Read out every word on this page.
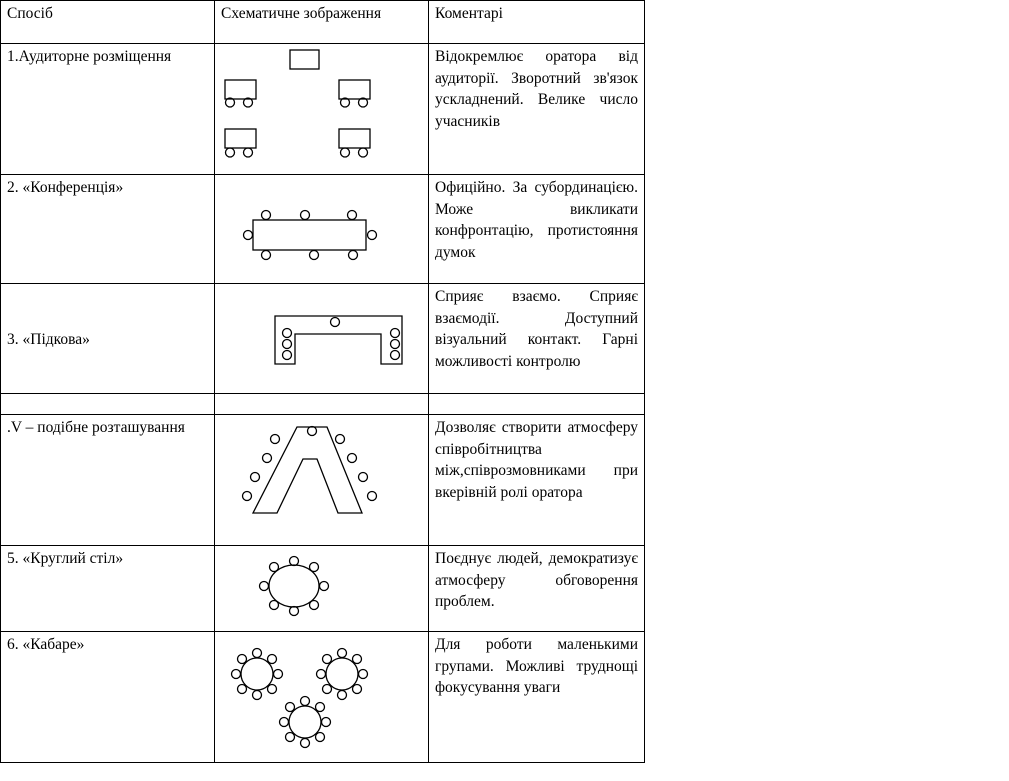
Спосіб	Схематичне зображення	Коментарі
1.Аудиторне розміщення		Відокремлює оратора від аудиторії. Зворотний зв'язок ускладнений. Велике число учасників
2. «Конференція»		Офиційно. За субординацією. Може викликати конфронтацію, протистояння думок
3. «Підкова»		Сприяє взаємо. Сприяє взаємодії. Доступний візуальний контакт. Гарні можливості контролю

.V – подібне розташування		Дозволяє створити атмосферу співробітництва між,співрозмовниками при вкерівній ролі оратора
5. «Круглий стіл»		Поєднує людей, демократизує атмосферу обговорення проблем.
6. «Кабаре»		Для роботи маленькими групами. Можливі труднощі фокусування уваги
